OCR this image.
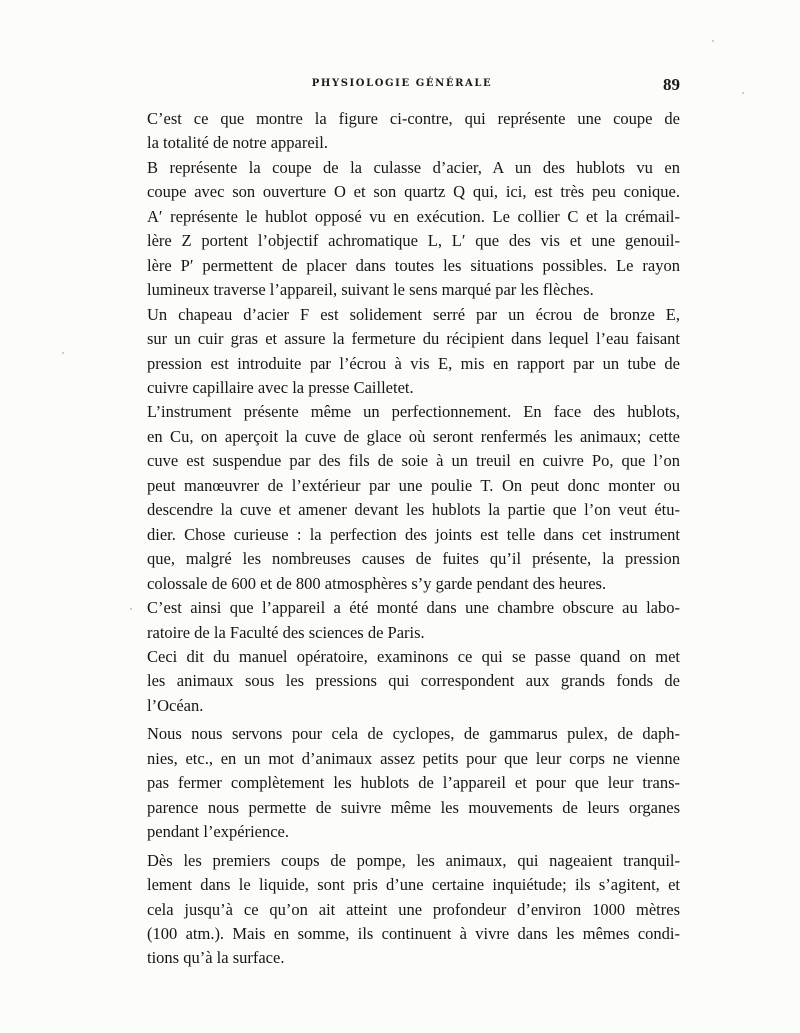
PHYSIOLOGIE GÉNÉRALE	89

C’est ce que montre la figure ci-contre, qui représente une coupe de
la totalité de notre appareil.

B représente la coupe de la culasse d’acier, A un des hublots vu en
coupe avec son ouverture O et son quartz Q qui, ici, est très peu conique.
A′ représente le hublot opposé vu en exécution. Le collier C et la crémail-
lère Z portent l’objectif achromatique L, L′ que des vis et une genouil-
lère P′ permettent de placer dans toutes les situations possibles. Le rayon
lumineux traverse l’appareil, suivant le sens marqué par les flèches.

Un chapeau d’acier F est solidement serré par un écrou de bronze E,
sur un cuir gras et assure la fermeture du récipient dans lequel l’eau faisant
pression est introduite par l’écrou à vis E, mis en rapport par un tube de
cuivre capillaire avec la presse Cailletet.

L’instrument présente même un perfectionnement. En face des hublots,
en Cu, on aperçoit la cuve de glace où seront renfermés les animaux; cette
cuve est suspendue par des fils de soie à un treuil en cuivre Po, que l’on
peut manœuvrer de l’extérieur par une poulie T. On peut donc monter ou
descendre la cuve et amener devant les hublots la partie que l’on veut étu-
dier. Chose curieuse : la perfection des joints est telle dans cet instrument
que, malgré les nombreuses causes de fuites qu’il présente, la pression
colossale de 600 et de 800 atmosphères s’y garde pendant des heures.

C’est ainsi que l’appareil a été monté dans une chambre obscure au labo-
ratoire de la Faculté des sciences de Paris.

Ceci dit du manuel opératoire, examinons ce qui se passe quand on met
les animaux sous les pressions qui correspondent aux grands fonds de
l’Océan.

Nous nous servons pour cela de cyclopes, de gammarus pulex, de daph-
nies, etc., en un mot d’animaux assez petits pour que leur corps ne vienne
pas fermer complètement les hublots de l’appareil et pour que leur trans-
parence nous permette de suivre même les mouvements de leurs organes
pendant l’expérience.

Dès les premiers coups de pompe, les animaux, qui nageaient tranquil-
lement dans le liquide, sont pris d’une certaine inquiétude; ils s’agitent, et
cela jusqu’à ce qu’on ait atteint une profondeur d’environ 1000 mètres
(100 atm.). Mais en somme, ils continuent à vivre dans les mêmes condi-
tions qu’à la surface.
